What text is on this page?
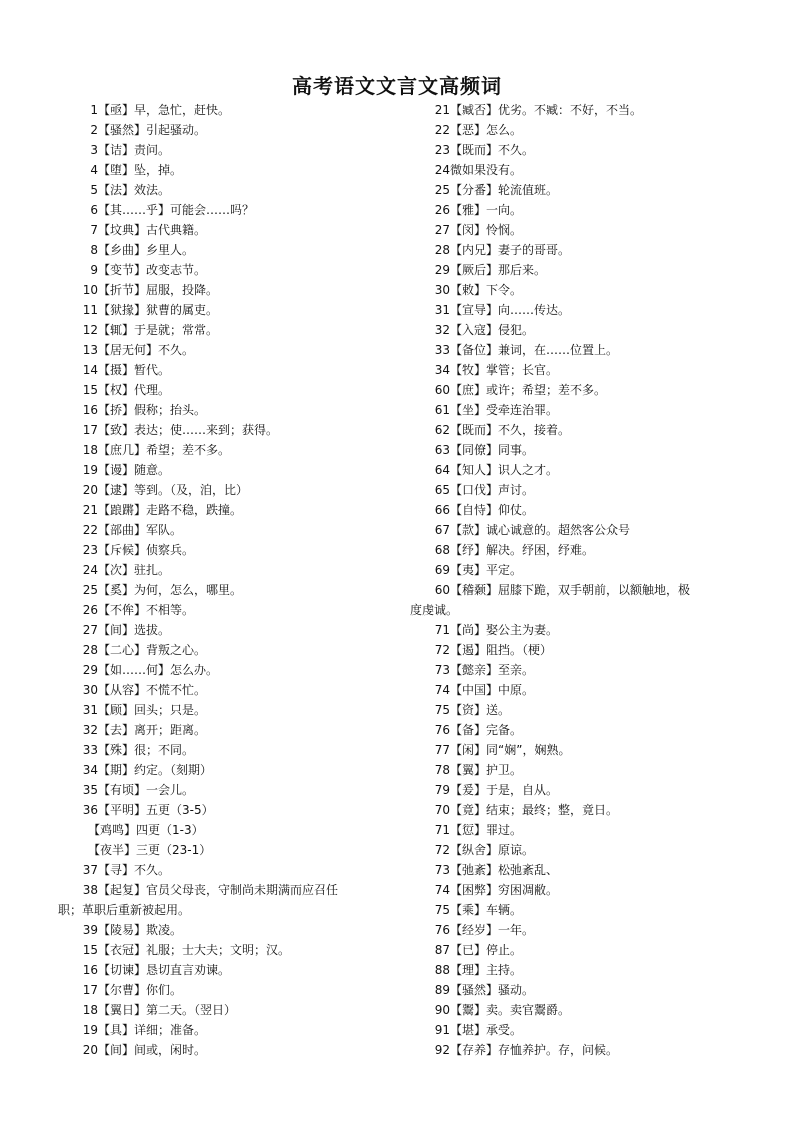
高考语文文言文高频词
1【亟】早，急忙，赶快。
2【骚然】引起骚动。
3【诘】责问。
4【堕】坠，掉。
5【法】效法。
6【其……乎】可能会……吗？
7【坟典】古代典籍。
8【乡曲】乡里人。
9【变节】改变志节。
10【折节】屈服，投降。
11【狱掾】狱曹的属吏。
12【辄】于是就；常常。
13【居无何】不久。
14【摄】暂代。
15【权】代理。
16【挢】假称；抬头。
17【致】表达；使……来到；获得。
18【庶几】希望；差不多。
19【谩】随意。
20【逮】等到。（及，洎，比）
21【踉蹡】走路不稳，跌撞。
22【部曲】军队。
23【斥候】侦察兵。
24【次】驻扎。
25【奚】为何，怎么，哪里。
26【不侔】不相等。
27【间】选拔。
28【二心】背叛之心。
29【如……何】怎么办。
30【从容】不慌不忙。
31【顾】回头；只是。
32【去】离开；距离。
33【殊】很；不同。
34【期】约定。（刻期）
35【有顷】一会儿。
36【平明】五更（3-5）
【鸡鸣】四更（1-3）
【夜半】三更（23-1）
37【寻】不久。
38【起复】官员父母丧，守制尚未期满而应召任
职；革职后重新被起用。
39【陵易】欺凌。
15【衣冠】礼服；士大夫；文明；汉。
16【切谏】恳切直言劝谏。
17【尔曹】你们。
18【翼日】第二天。（翌日）
19【具】详细；准备。
20【间】间或，闲时。
21【臧否】优劣。不臧：不好，不当。
22【恶】怎么。
23【既而】不久。
24微如果没有。
25【分番】轮流值班。
26【雅】一向。
27【闵】怜悯。
28【内兄】妻子的哥哥。
29【厥后】那后来。
30【敕】下令。
31【宣导】向……传达。
32【入寇】侵犯。
33【备位】兼词，在……位置上。
34【牧】掌管；长官。
60【庶】或许；希望；差不多。
61【坐】受牵连治罪。
62【既而】不久，接着。
63【同僚】同事。
64【知人】识人之才。
65【口伐】声讨。
66【自恃】仰仗。
67【款】诚心诚意的。超然客公众号
68【纾】解决。纾困，纾难。
69【夷】平定。
60【稽颡】屈膝下跪，双手朝前，以额触地，极
度虔诚。
71【尚】娶公主为妻。
72【遏】阻挡。（梗）
73【懿亲】至亲。
74【中国】中原。
75【资】送。
76【备】完备。
77【闲】同“娴”，娴熟。
78【翼】护卫。
79【爰】于是，自从。
70【竟】结束；最终；整，竟日。
71【愆】罪过。
72【纵舍】原谅。
73【弛紊】松弛紊乱、
74【困弊】穷困凋敝。
75【乘】车辆。
76【经岁】一年。
87【已】停止。
88【理】主持。
89【骚然】骚动。
90【鬻】卖。卖官鬻爵。
91【堪】承受。
92【存养】存恤养护。存，问候。
